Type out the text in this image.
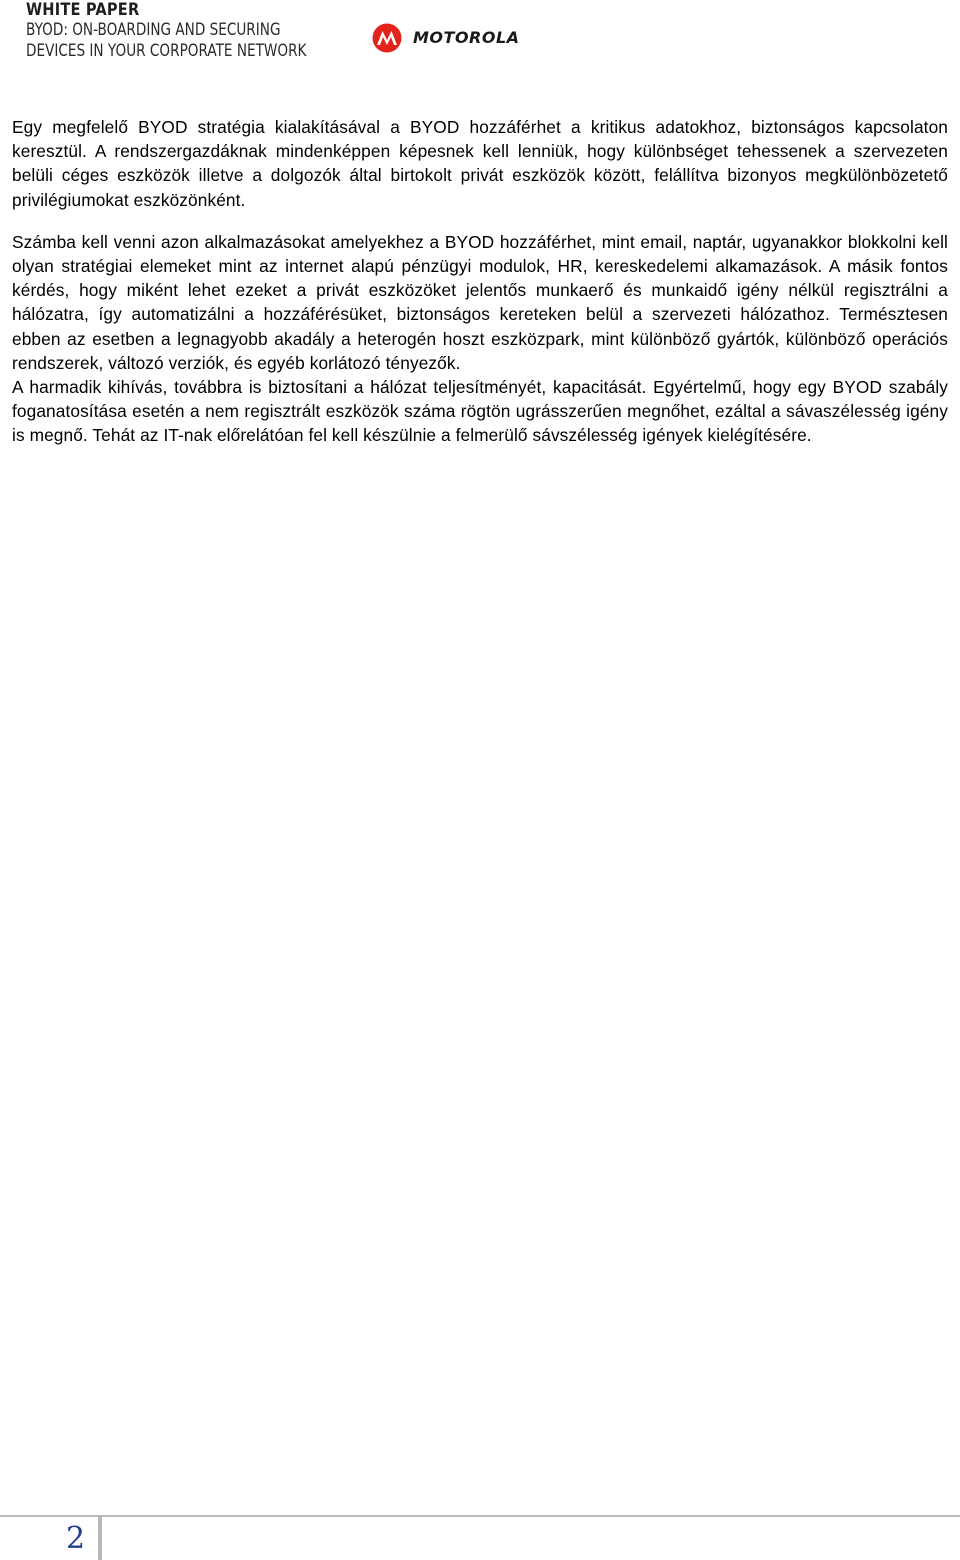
WHITE PAPER
BYOD: ON-BOARDING AND SECURING
DEVICES IN YOUR CORPORATE NETWORK
MOTOROLA

Egy megfelelő BYOD stratégia kialakításával a BYOD hozzáférhet a kritikus adatokhoz, biztonságos kapcsolaton keresztül. A rendszergazdáknak mindenképpen képesnek kell lenniük, hogy különbséget tehessenek a szervezeten belüli céges eszközök illetve a dolgozók által birtokolt privát eszközök között, felállítva bizonyos megkülönbözetető privilégiumokat eszközönként.

Számba kell venni azon alkalmazásokat amelyekhez a BYOD hozzáférhet, mint email, naptár, ugyanakkor blokkolni kell olyan stratégiai elemeket mint az internet alapú pénzügyi modulok, HR, kereskedelemi alkamazások. A másik fontos kérdés, hogy miként lehet ezeket a privát eszközöket jelentős munkaerő és munkaidő igény nélkül regisztrálni a hálózatra, így automatizálni a hozzáférésüket, biztonságos kereteken belül a szervezeti hálózathoz. Természtesen ebben az esetben a legnagyobb akadály a heterogén hoszt eszközpark, mint különböző gyártók, különböző operációs rendszerek, változó verziók, és egyéb korlátozó tényezők.

A harmadik kihívás, továbbra is biztosítani a hálózat teljesítményét, kapacitását. Egyértelmű, hogy egy BYOD szabály foganatosítása esetén a nem regisztrált eszközök száma rögtön ugrásszerűen megnőhet, ezáltal a sávaszélesség igény is megnő. Tehát az IT-nak előrelátóan fel kell készülnie a felmerülő sávszélesség igények kielégítésére.

2
